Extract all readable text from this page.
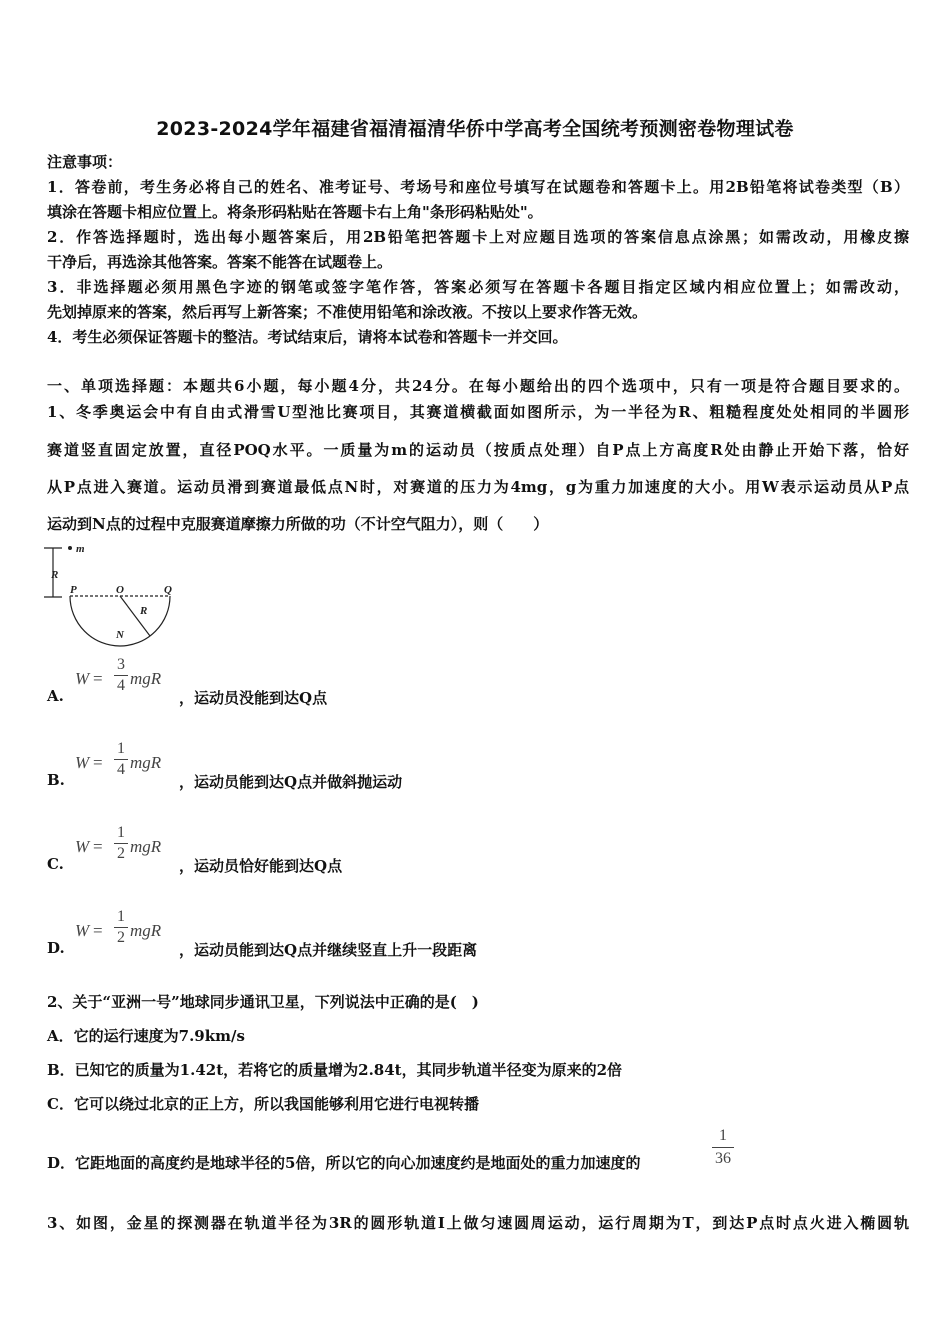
2023-2024学年福建省福清福清华侨中学高考全国统考预测密卷物理试卷
注意事项：
1．答卷前，考生务必将自己的姓名、准考证号、考场号和座位号填写在试题卷和答题卡上。用2B铅笔将试卷类型（B）
填涂在答题卡相应位置上。将条形码粘贴在答题卡右上角"条形码粘贴处"。
2．作答选择题时，选出每小题答案后，用2B铅笔把答题卡上对应题目选项的答案信息点涂黑；如需改动，用橡皮擦
干净后，再选涂其他答案。答案不能答在试题卷上。
3．非选择题必须用黑色字迹的钢笔或签字笔作答，答案必须写在答题卡各题目指定区域内相应位置上；如需改动，
先划掉原来的答案，然后再写上新答案；不准使用铅笔和涂改液。不按以上要求作答无效。
4．考生必须保证答题卡的整洁。考试结束后，请将本试卷和答题卡一并交回。
一、单项选择题：本题共6小题，每小题4分，共24分。在每小题给出的四个选项中，只有一项是符合题目要求的。
1、冬季奥运会中有自由式滑雪U型池比赛项目，其赛道横截面如图所示，为一半径为R、粗糙程度处处相同的半圆形
赛道竖直固定放置，直径POQ水平。一质量为m的运动员（按质点处理）自P点上方高度R处由静止开始下落，恰好
从P点进入赛道。运动员滑到赛道最低点N时，对赛道的压力为4mg，g为重力加速度的大小。用W表示运动员从P点
运动到N点的过程中克服赛道摩擦力所做的功（不计空气阻力），则（　　）
m
R
P	O	Q
R
N
A.
W =
3
4 mgR
，运动员没能到达Q点
B.
W =
1
4 mgR
，运动员能到达Q点并做斜抛运动
C.
W =
1
2 mgR
，运动员恰好能到达Q点
D.
W =
1
2 mgR
，运动员能到达Q点并继续竖直上升一段距离
2、关于“亚洲一号”地球同步通讯卫星，下列说法中正确的是(　)
A．它的运行速度为7.9km/s
B．已知它的质量为1.42t，若将它的质量增为2.84t，其同步轨道半径变为原来的2倍
C．它可以绕过北京的正上方，所以我国能够利用它进行电视转播
D．它距地面的高度约是地球半径的5倍，所以它的向心加速度约是地面处的重力加速度的
1
36
3、如图，金星的探测器在轨道半径为3R的圆形轨道I上做匀速圆周运动，运行周期为T，到达P点时点火进入椭圆轨
